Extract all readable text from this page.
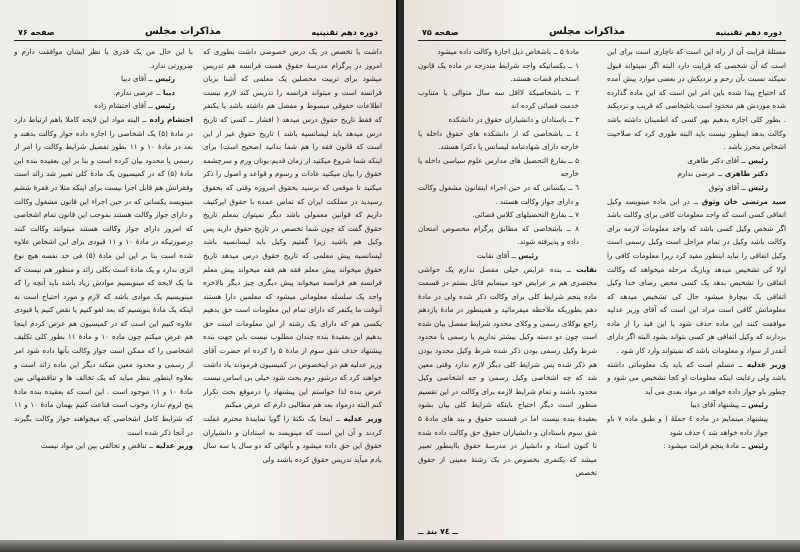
دوره دهم تقنینیه
مذاکرات مجلس
صفحه ۷۶

داشت یا تخصص در یک درس خصوصی داشت بطوری که امروز در پرگرام مدرسهٔ حقوق هست فرانسه هم تدریس میشود برای تربیت محصلین یک معلمی که آشنا بزبان فرانسه است و میتواند فرانسه را تدریس کند لازم نیست اطلاعات حقوقی مبسوط و مفصل هم داشته باشد یا یکنفر که فقط تاریخ حقوق درس میدهد ( افشار ــ کسی که تاریخ درس میدهد باید لیسانسیه باشد ) تاریخ حقوق غیر از این است که قانون فقه را هم شما بدانید (صحیح است) برای اینکه شما شروع میکنید از زمان قدیم یونان ورم و سرچشمه حقوق را بیان میکنید عادات و رسوم و قواعد و اصول را ذکر میکنید تا موقعی که برسید بحقوق امروزه وقتی که بحقوق رسیدید در مملکت ایران که تماس عمده با حقوق اپرکتیف داریم که قوانین معمولی باشد دیگر نمیتوان بمعلم تاریخ حقوق گفت که چون شما تخصص در تاریخ حقوق دارید پس وکیل هم باشید زیرا گفتیم وکیل باید لیسانسیه باشد لیسانسیه پیش معلمی که تاریخ حقوق درس میدهد تاریخ حقوق میخواند پیش معلم فقه هم فقه میخواند پیش معلم فرانسه هم فرانسه میخواند پیش دیگری چیز دیگر بالاخره واجد یک سلسله معلوماتی میشود که معلمین دارا هستند آنوقت ما یکنفر که دارای تمام این معلومات است حق بدهیم یکسی هم که دارای یک رشته از این معلومات است حق بدهیم این بعقیدهٔ بنده چندان مطلوب نیست باین جهت بنده پیشنهاد حذف شق سوم از مادهٔ ۵ را کرده ام حضرت آقای وزیر عدلیه هم در اینخصوص در کمیسیون فرمودند یاد داشت خواهند کرد که درشور دوم بحث شود خیلی بی اساس نیست عرض بنده لذا خواستم این پیشنهاد را درموقع بحث تکرار کنم البته درمواد بعد هم مطالبی دارم که عرض میکنم

وزیر عدلیه ــ اینجا یک نکتهٔ را گویا نمایندهٔ محترم غفلت کردند و آن این است که مینویسد به استادان و دانشیاران حقوق این حق داده میشود و بآنهائی که دو سال یا سه سال بادم میآید تدریس حقوق کرده باشند ولی

با این حال من یک قدری با نظر ایشان موافقت دارم و ضرورتی ندارد.

رئیس ــ آقای دیبا

دیبا ــ عرضی ندارم.

رئیس ــ آقای احتشام زاده

احتشام زاده ــ البته مواد این لایحه کاملا باهم ارتباط دارد در مادهٔ (۵) یک اشخاصی را اجازه داده جواز وکالت بدهند و بعد در مادهٔ ۱۰ و ۱۱ بطور تفصیل شرایط وکالت را امر از رسمی یا محدود بیان کرده است و بنا بر این بعقیده بنده این مادهٔ (۵) که در کمیسیون یک مادهٔ کلی تعبیر شد زائد است وفقراتش هم قابل اجرا نیست برای اینکه مثلا در فقرهٔ ششم مینویسد یکسانی که در حین اجراء این قانون مشغول وکالت و دارای جواز وکالت هستند بموجب این قانون تمام اشخاصی که امروز دارای جواز وکالت هستند میتوانند وکالت کنند درصورتیکه در مادهٔ ۱۰ و ۱۱ قیودی برای این اشخاص علاوه شده است بنا بر این این مادهٔ (۵) فی حد نفسه هیچ نوع اثری ندارد و یک مادهٔ است بکلی زائد و منظور هم نیست که ما یک لایحه که مینویسیم موادش زیاد باشد باید آنچه را که مینویسیم یک موادی باشد که لازم و مورد احتیاج است نه اینکه یک مادهٔ بنویسیم که بعد لغو کنیم یا نقض کنیم یا قیودی علاوه کنیم این است که در کمیسیون هم عرض کردم اینجا هم عرض میکنم چون ماده ۱۰ و مادهٔ ۱۱ بطور کلی تکلیف اشخاصی را که ممکن است جواز وکالت بآنها داده شود امر از رسمی و محدود معین میکند دیگر این ماده زائد است و بعلاوه اینطور بنظر میاید که یک تخالف ها و تناقضهائی بین مادهٔ ۱۰ و ۱۱ موجود است . این است که بعقیده بنده مادهٔ پنج لزوم ندارد وخوب است قناعت کنیم بهمان مادهٔ ۱۰ و ۱۱ که شرایط کامل اشخاصی که میخواهند جواز وکالت بگیرند در آنجا ذکر شده است

وزیر عدلیه ــ تناقض و تخالفی بین این مواد نیست

دوره دهم تقنینیه
مذاکرات مجلس
صفحه ۷۵

مسئلهٔ قرابت آن از راه این است که ناچاری است برای این است که آن شخصی که قرابت دارد البته اگر نمیتواند قبول نمیکند نسبت بآن رحم و نزدیکش در بعضی موارد پیش آمده که احتیاج پیدا شده باین امر این است که این ماده گذارده شده موردش هم محدود است باشخاصی که قریب و نزدیکند . بطور کلی اجازه بدهیم بهر کسی که اطمینان داشته باشد وکالت بدهد اینطور نیست باید البته طوری کرد که صلاحیت اشخاص محرز باشد .

رئیس ــ آقای دکتر طاهری

دکتر طاهری ــ عرضی ندارم

رئیس ــ آقای وثوق

سید مرتضی خان وثوق ــ در این ماده مینویسد وکیل اتفاقی کسی است که واجد معلومات کافی برای وکالت باشد اگر شخص وکیل کسی باشد که واجد معلومات لازمه برای وکالت باشد وکیل در تمام مراحل است وکیل رسمی است وکیل اتفاقی را نباید اینطور مقید کرد زیرا معلومات کافی را اولا کی تشخیص میدهد وبازیک مرحله میخواهد که وکالت اتفاقی را تشخیص بدهد یک کسی محض رضای خدا وکیل اتفاقی یک بیچارهٔ میشود حال کی تشخیص میدهد که معلوماتش کافی است مراد این است که آقای وزیر عدلیه موافقت کنند این ماده حذف شود یا این قید را از ماده بردارند که وکیل اتفاقی هر کسی بتواند بشود البته اگر دارای آنقدر از سواد و معلومات باشد که نمیتواند وارد کار شود .

وزیر عدلیه ــ مسلم است که باید یک معلوماتی داشته باشد ولی رعایت اینکه معلومات او کجا تشخیص می شود و چطور باو جواز داده خواهد در مواد بعدی می آید

رئیس ــ پیشنهاد آقای دیبا

پیشنهاد مینمایم در ماده ٤ جملهٔ ( و طبق ماده ۷ باو جواز داده خواهد شد ) حذف شود

رئیس ــ مادهٔ پنجم قرائت میشود :

مادهٔ ۵ ــ باشخاص ذیل اجازهٔ وکالت داده میشود

۱ ــ یکسانیکه واجد شرایط مندرجه در ماده یک قانون استخدام قضات هستند.

۲ ــ باشخاصیکه لااقل سه سال متوالی یا متناوب خدمت قضائی کرده اند

۳ ــ باستادان و دانشیاران حقوق در دانشکده

٤ ــ باشخاصی که از دانشکده های حقوق داخله یا خارجه دارای شهادتنامه لیسانس یا دکترا هستند.

۵ ــ بفارغ التحصیل های مدارس علوم سیاسی داخله یا خارجه

٦ ــ یکسانی که در حین اجراء اینقانون مشغول وکالت و دارای جواز وکالت هستند .

۷ ــ بفارغ التحصیلهای کلاس قضائی.

۸ ــ باشخاصی که مطابق پرگرام مخصوص امتحان داده و پذیرفته شوند.

رئیس ــ آقای نقابت

نقابت ــ بنده عرایض خیلی مفصل ندارم یک حواشی مختصری هم بر عرایض خود مینمایم قائل بستم در قسمت ماده پنجم شرایط کلی برای وکالت ذکر شده ولی در مادهٔ دهم بطوریکه ملاحظه میفرمائید و همینطور در مادهٔ یازدهم راجع بوکلای رسمی و وکلای محدود شرایط مفصل بیان شده است چون دو دسته وکیل بیشتر نداریم یا رسمی یا محدود شرط وکیل رسمی بودن ذکر شده شرط وکیل محدود بودن هم ذکر شده پس شرایط کلی دیگر لازم ندارد وقتی معین شد که چه اشخاصی وکیل رسمی و چه اشخاصی وکیل محدود باشند و تمام شرایط لازمه برای وکالت در این تقسیم منظور است دیگر احتیاج باینکه شرایط کلی بیان بشود بعقیدهٔ بنده نیست اما در قسمت حقوق و بند های مادهٔ ۵ شق سوم باستادان و دانشیاران حقوق حق وکالت داده شده تا کنون استاد و دانشیار در مدرسهٔ حقوق بااینطور تعبیر میشد که یکنفری بخصوص در یک رشتهٔ معینی از حقوق تخصص

ــ ۷٤ بند ــ
